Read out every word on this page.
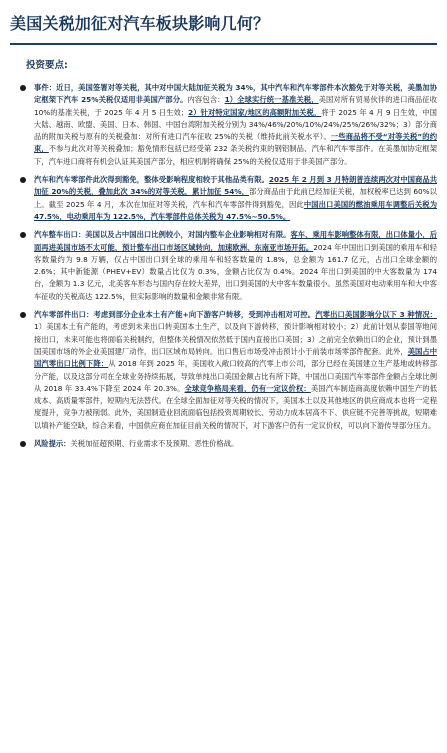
美国关税加征对汽车板块影响几何？
投资要点:
事件：近日，美国签署对等关税，其中对中国大陆加征关税为 34%，其中汽车和汽车零部件本次豁免于对等关税，美墨加协定框架下汽车 25%关税仅适用非美国产部分。内容包含：1）全球实行统一基准关税，美国对所有贸易伙伴的进口商品征收 10%的基准关税，于 2025 年 4 月 5 日生效；2）针对特定国家/地区的高额附加关税，将于 2025 年 4 月 9 日生效，中国大陆、越南、欧盟、美国、日本、韩国、中国台湾附加关税分别为 34%/46%/20%/10%/24%/25%/26%/32%；3）部分商品的附加关税与原有的关税叠加：对所有进口汽车征收 25%的关税（维持此前关税水平）。一些商品将不受“对等关税”的约束，不参与此次对等关税叠加；豁免情形包括已经受第 232 条关税约束的钢铝制品、汽车和汽车零部件。在美墨加协定框架下，汽车进口商将有机会认证其美国产部分，相应机制将确保 25%的关税仅适用于非美国产部分。
汽车和汽车零部件此次得到豁免，整体受影响程度相较于其他品类有限。2025 年 2 月到 3 月特朗普连续两次对中国商品共加征 20%的关税，叠加此次 34%的对等关税，累计加征 54%，部分商品由于此前已经加征关税，加权税率已达到 60%以上。截至 2025 年 4 月，本次在加征对等关税，汽车和汽车零部件得到豁免，因此中国出口美国的燃油乘用车调整后关税为 47.5%，电动乘用车为 122.5%，汽车零部件总体关税为 47.5%~50.5%。
汽车整车出口：美国以及占中国出口比例较小，对国内整车企业影响相对有限。客车、乘用车影响整体有限，出口体量小，后面再进美国市场不太可能，预计整车出口市场区域转向，加速欧洲、东南亚市场开拓。2024 年中国出口到美国的乘用车和轻客数量约为 9.8 万辆，仅占中国出口到全球的乘用车和轻客数量的 1.8%，总金额为 161.7 亿元，占出口全球金额的 2.6%；其中新能源（PHEV+EV）数量占比仅为 0.3%，金额占比仅为 0.4%。2024 年出口到美国的中大客数量为 174 台，金额为 1.3 亿元，北美客车形态与国内存在较大差异，出口到美国的大中客车数量很小。虽然美国对电动乘用车和大中客车征收的关税高达 122.5%，但实际影响的数量和金额非常有限。
汽车零部件出口：考虑到部分企业本土有产能+向下游客户转移，受到冲击相对可控。汽零出口美国影响分以下 3 种情况：1）美国本土有产能的，考虑到未来出口转美国本土生产，以及向下游转移，预计影响相对较小；2）此前计划从泰国等地间接出口，未来可能也将面临关税制约，但整体关税情况依然低于国内直接出口美国；3）之前完全依赖出口的企业，预计到墨国美国市场的外企业美国建厂动作，出口区域布局转向。出口售后市场受冲击预计小于前装市场零部件配套。此外，美国占中国汽零出口比例下降：从 2018 年到 2025 年，美国收入敞口较高的汽零上市公司，部分已经在美国建立生产基地或转移部分产能，以及这部分司在全球业务持续拓展，导致单纯出口美国金额占比有所下降，中国出口美国汽车零部件金额占全球比例从 2018 年 33.4%下降至 2024 年 20.3%。全球竞争格局来看，仍有一定议价权：美国汽车制造商高度依赖中国生产的低成本、高质量零部件，短期内无法替代。在全球全面加征对等关税的情况下，美国本土以及其他地区的供应商成本也将一定程度提升，竞争力被削弱。此外，美国制造业回流面临包括投资周期较长、劳动力成本居高不下、供应链不完善等挑战，短期难以填补产能空缺，综合来看，中国供应商在加征目前关税的情况下，对下游客户仍有一定议价权，可以向下游传导部分压力。
风险提示：关税加征超预期、行业需求不及预期、恶性价格战。
